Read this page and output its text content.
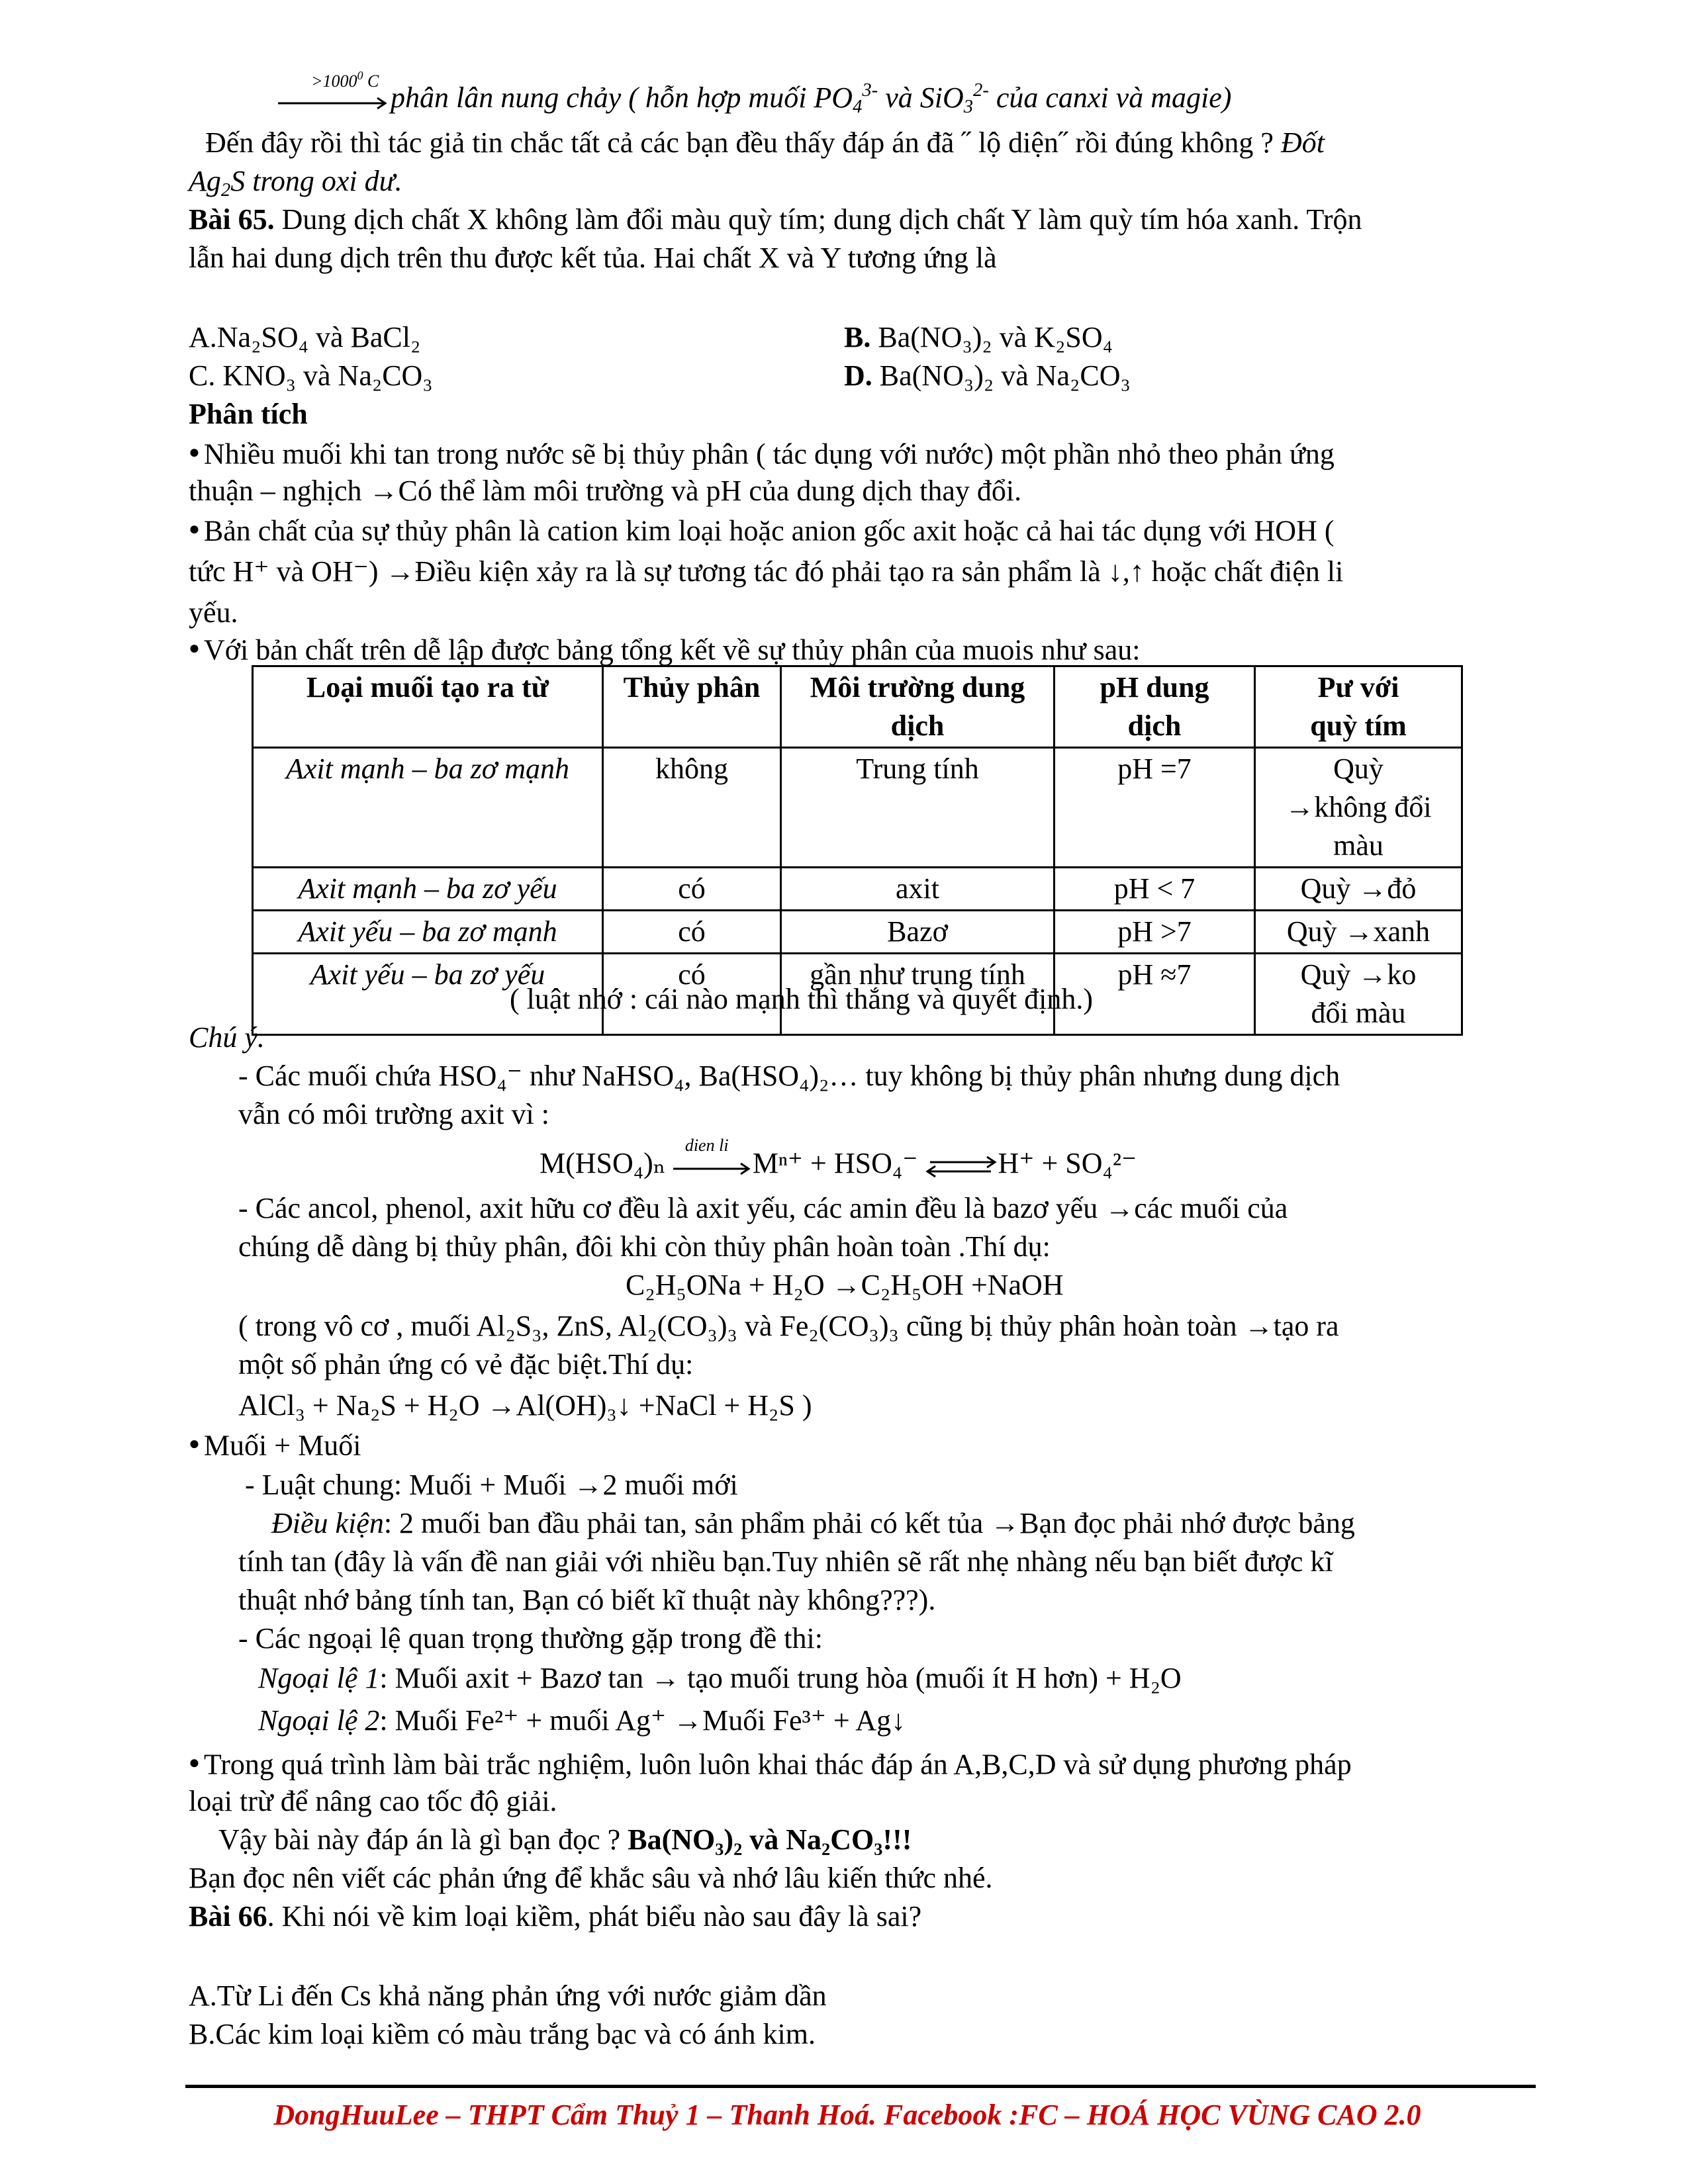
$>1000^0$ C
phân lân nung chảy ( hỗn hợp muối $PO_4^{3-}$ và SiO$_3^{2-}$ của canxi và magie)
Đến đây rồi thì tác giả tin chắc tất cả các bạn đều thấy đáp án đã ˝ lộ diện˝ rồi đúng không ? Đốt
$Ag_2S$ trong oxi dư.
Bài 65. Dung dịch chất X không làm đổi màu quỳ tím; dung dịch chất Y làm quỳ tím hóa xanh. Trộn
lẫn hai dung dịch trên thu được kết tủa. Hai chất X và Y tương ứng là
A.Na₂SO₄ và BaCl₂	B. Ba(NO₃)₂ và K₂SO₄
C. KNO₃ và Na₂CO₃	D. Ba(NO₃)₂ và Na₂CO₃
Phân tích
● Nhiều muối khi tan trong nước sẽ bị thủy phân ( tác dụng với nước) một phần nhỏ theo phản ứng
thuận – nghịch →Có thể làm môi trường và pH của dung dịch thay đổi.
● Bản chất của sự thủy phân là cation kim loại hoặc anion gốc axit hoặc cả hai tác dụng với HOH (
tức H⁺ và OH⁻) →Điều kiện xảy ra là sự tương tác đó phải tạo ra sản phẩm là ↓,↑ hoặc chất điện li
yếu.
● Với bản chất trên dễ lập được bảng tổng kết về sự thủy phân của muois như sau:
Loại muối tạo ra từ	Thủy phân	Môi trường dung dịch	pH dung dịch	Pư với quỳ tím
Axit mạnh – ba zơ mạnh	không	Trung tính	pH =7	Quỳ →không đổi màu
Axit mạnh – ba zơ yếu	có	axit	pH < 7	Quỳ →đỏ
Axit yếu – ba zơ mạnh	có	Bazơ	pH >7	Quỳ →xanh
Axit yếu – ba zơ yếu	có	gần như trung tính	pH ≈7	Quỳ →ko đổi màu
( luật nhớ : cái nào mạnh thì thắng và quyết định.)
Chú ý.
- Các muối chứa HSO₄⁻ như NaHSO₄, Ba(HSO₄)₂… tuy không bị thủy phân nhưng dung dịch
vẫn có môi trường axit vì :
M(HSO₄)ₙ
dien li
Mⁿ⁺ + HSO₄⁻ ⇌H⁺ + SO₄²⁻
- Các ancol, phenol, axit hữu cơ đều là axit yếu, các amin đều là bazơ yếu →các muối của
chúng dễ dàng bị thủy phân, đôi khi còn thủy phân hoàn toàn .Thí dụ:
C₂H₅ONa + H₂O →C₂H₅OH +NaOH
( trong vô cơ , muối Al₂S₃, ZnS, Al₂(CO₃)₃ và Fe₂(CO₃)₃ cũng bị thủy phân hoàn toàn →tạo ra
một số phản ứng có vẻ đặc biệt.Thí dụ:
AlCl₃ + Na₂S + H₂O →Al(OH)₃↓ +NaCl + H₂S )
● Muối + Muối
- Luật chung: Muối + Muối →2 muối mới
Điều kiện: 2 muối ban đầu phải tan, sản phẩm phải có kết tủa →Bạn đọc phải nhớ được bảng
tính tan (đây là vấn đề nan giải với nhiều bạn.Tuy nhiên sẽ rất nhẹ nhàng nếu bạn biết được kĩ
thuật nhớ bảng tính tan, Bạn có biết kĩ thuật này không???).
- Các ngoại lệ quan trọng thường gặp trong đề thi:
Ngoại lệ 1: Muối axit + Bazơ tan → tạo muối trung hòa (muối ít H hơn) + H₂O
Ngoại lệ 2: Muối Fe²⁺ + muối Ag⁺ →Muối Fe³⁺ + Ag↓
● Trong quá trình làm bài trắc nghiệm, luôn luôn khai thác đáp án A,B,C,D và sử dụng phương pháp
loại trừ để nâng cao tốc độ giải.
Vậy bài này đáp án là gì bạn đọc ? Ba(NO₃)₂ và Na₂CO₃!!!
Bạn đọc nên viết các phản ứng để khắc sâu và nhớ lâu kiến thức nhé.
Bài 66. Khi nói về kim loại kiềm, phát biểu nào sau đây là sai?
A.Từ Li đến Cs khả năng phản ứng với nước giảm dần
B.Các kim loại kiềm có màu trắng bạc và có ánh kim.
DongHuuLee – THPT Cẩm Thuỷ 1 – Thanh Hoá. Facebook :FC – HOÁ HỌC VÙNG CAO 2.0
